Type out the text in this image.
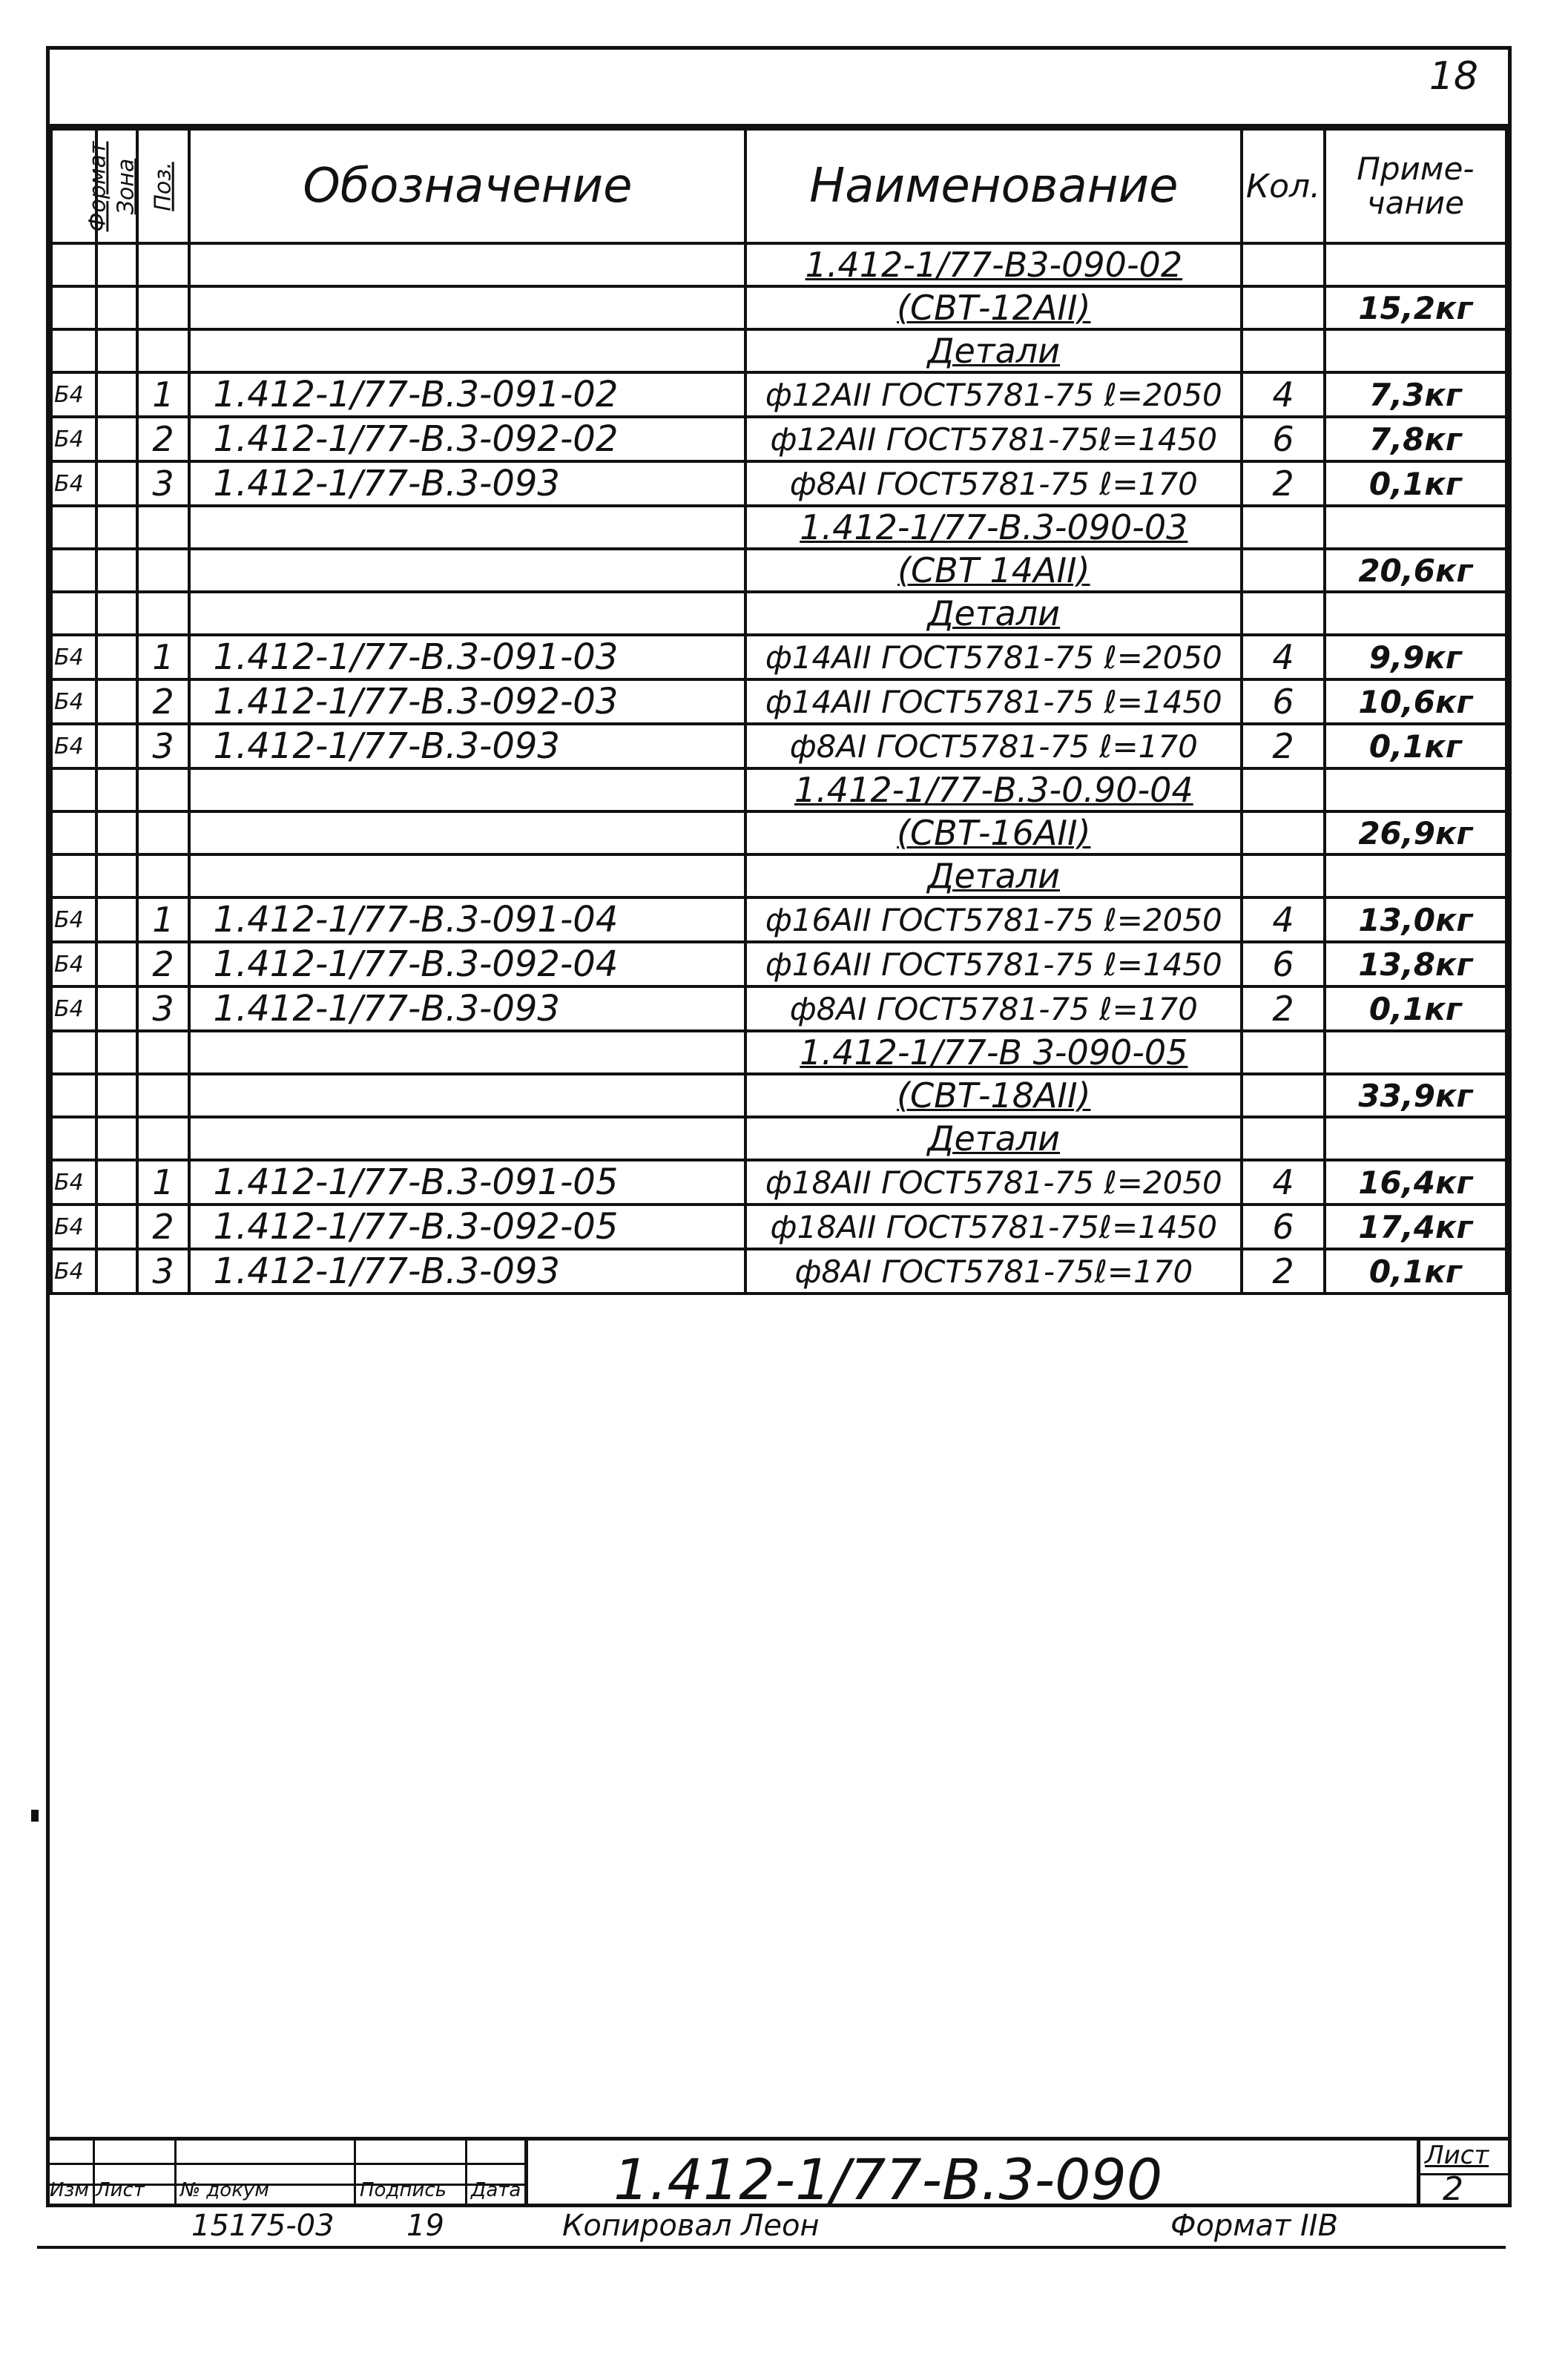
18
Формат	Зона	Поз.	Обозначение	Наименование	Кол.	Приме-чание
				1.412-1/77-В3-090-02		
				(СВТ-12АII)		15,2кг
				Детали		
Б4		1	1.412-1/77-В.3-091-02	ф12АII ГОСТ5781-75 ℓ=2050	4	7,3кг
Б4		2	1.412-1/77-В.3-092-02	ф12АII ГОСТ5781-75ℓ=1450	6	7,8кг
Б4		3	1.412-1/77-В.3-093	ф8АI ГОСТ5781-75 ℓ=170	2	0,1кг
				1.412-1/77-В.3-090-03		
				(СВТ 14АII)		20,6кг
				Детали		
Б4		1	1.412-1/77-В.3-091-03	ф14АII ГОСТ5781-75 ℓ=2050	4	9,9кг
Б4		2	1.412-1/77-В.3-092-03	ф14АII ГОСТ5781-75 ℓ=1450	6	10,6кг
Б4		3	1.412-1/77-В.3-093	ф8АI ГОСТ5781-75 ℓ=170	2	0,1кг
				1.412-1/77-В.3-0.90-04		
				(СВТ-16АII)		26,9кг
				Детали		
Б4		1	1.412-1/77-В.3-091-04	ф16АII ГОСТ5781-75 ℓ=2050	4	13,0кг
Б4		2	1.412-1/77-В.3-092-04	ф16АII ГОСТ5781-75 ℓ=1450	6	13,8кг
Б4		3	1.412-1/77-В.3-093	ф8АI ГОСТ5781-75 ℓ=170	2	0,1кг
				1.412-1/77-В 3-090-05		
				(СВТ-18АII)		33,9кг
				Детали		
Б4		1	1.412-1/77-В.3-091-05	ф18АII ГОСТ5781-75 ℓ=2050	4	16,4кг
Б4		2	1.412-1/77-В.3-092-05	ф18АII ГОСТ5781-75ℓ=1450	6	17,4кг
Б4		3	1.412-1/77-В.3-093	ф8АI ГОСТ5781-75ℓ=170	2	0,1кг
Изм Лист № докум	Подпись Дата 1.412-1/77-В.3-090	Лист
2
15175-03 19	Копировал Леон	Формат IIВ
